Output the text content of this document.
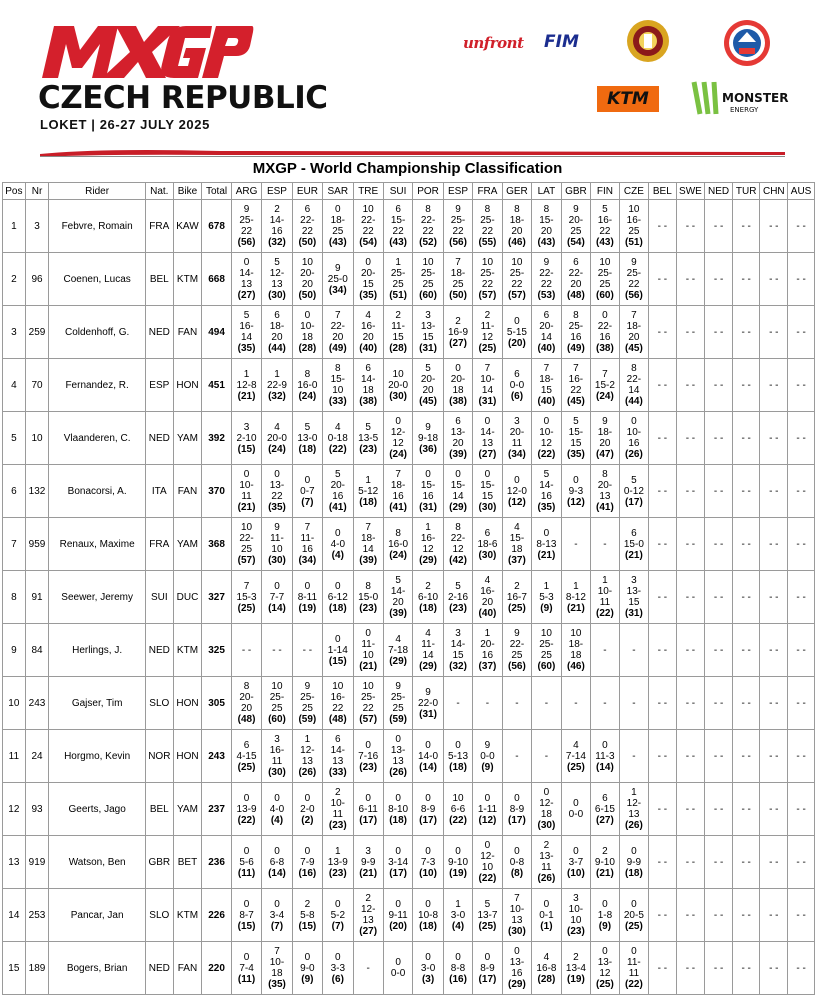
CZECH REPUBLIC
LOKET | 26-27 JULY 2025
unfront FIM
KTM	MONSTER
ENERGY
MXGP - World Championship Classification
Pos	Nr	Rider	Nat.	Bike	Total	ARG	ESP	EUR	SAR	TRE	SUI	POR	ESP	FRA	GER	LAT	GBR	FIN	CZE	BEL	SWE	NED	TUR	CHN	AUS
1	3	Febvre, Romain	FRA	KAW	678	9
25-
22
(56)	2
14-
16
(32)	6
22-
22
(50)	0
18-
25
(43)	10
22-
22
(54)	6
15-
22
(43)	8
22-
22
(52)	9
25-
22
(56)	8
25-
22
(55)	8
18-
20
(46)	8
15-
20
(43)	9
20-
25
(54)	5
16-
22
(43)	10
16-
25
(51)	- -	- -	- -	- -	- -	- -
2	96	Coenen, Lucas	BEL	KTM	668	0
14-
13
(27)	5
12-
13
(30)	10
20-
20
(50)	9
25-0
(34)	0
20-
15
(35)	1
25-
25
(51)	10
25-
25
(60)	7
18-
25
(50)	10
25-
22
(57)	10
25-
22
(57)	9
22-
22
(53)	6
22-
20
(48)	10
25-
25
(60)	9
25-
22
(56)	- -	- -	- -	- -	- -	- -
3	259	Coldenhoff, G.	NED	FAN	494	5
16-
14
(35)	6
18-
20
(44)	0
10-
18
(28)	7
22-
20
(49)	4
16-
20
(40)	2
11-
15
(28)	3
13-
15
(31)	2
16-9
(27)	2
11-
12
(25)	0
5-15
(20)	6
20-
14
(40)	8
25-
16
(49)	0
22-
16
(38)	7
18-
20
(45)	- -	- -	- -	- -	- -	- -
4	70	Fernandez, R.	ESP	HON	451	1
12-8
(21)	1
22-9
(32)	8
16-0
(24)	8
15-
10
(33)	6
14-
18
(38)	10
20-0
(30)	5
20-
20
(45)	0
20-
18
(38)	7
10-
14
(31)	6
0-0
(6)	7
18-
15
(40)	7
16-
22
(45)	7
15-2
(24)	8
22-
14
(44)	- -	- -	- -	- -	- -	- -
5	10	Vlaanderen, C.	NED	YAM	392	3
2-10
(15)	4
20-0
(24)	5
13-0
(18)	4
0-18
(22)	5
13-5
(23)	0
12-
12
(24)	9
9-18
(36)	6
13-
20
(39)	0
14-
13
(27)	3
20-
11
(34)	0
10-
12
(22)	5
15-
15
(35)	9
18-
20
(47)	0
10-
16
(26)	- -	- -	- -	- -	- -	- -
6	132	Bonacorsi, A.	ITA	FAN	370	0
10-
11
(21)	0
13-
22
(35)	0
0-7
(7)	5
20-
16
(41)	1
5-12
(18)	7
18-
16
(41)	0
15-
16
(31)	0
15-
14
(29)	0
15-
15
(30)	0
12-0
(12)	5
14-
16
(35)	0
9-3
(12)	8
20-
13
(41)	5
0-12
(17)	- -	- -	- -	- -	- -	- -
7	959	Renaux, Maxime	FRA	YAM	368	10
22-
25
(57)	9
11-
10
(30)	7
11-
16
(34)	0
4-0
(4)	7
18-
14
(39)	8
16-0
(24)	1
16-
12
(29)	8
22-
12
(42)	6
18-6
(30)	4
15-
18
(37)	0
8-13
(21)	-	-	6
15-0
(21)	- -	- -	- -	- -	- -	- -
8	91	Seewer, Jeremy	SUI	DUC	327	7
15-3
(25)	0
7-7
(14)	0
8-11
(19)	0
6-12
(18)	8
15-0
(23)	5
14-
20
(39)	2
6-10
(18)	5
2-16
(23)	4
16-
20
(40)	2
16-7
(25)	1
5-3
(9)	1
8-12
(21)	1
10-
11
(22)	3
13-
15
(31)	- -	- -	- -	- -	- -	- -
9	84	Herlings, J.	NED	KTM	325	- -	- -	- -	0
1-14
(15)	0
11-
10
(21)	4
7-18
(29)	4
11-
14
(29)	3
14-
15
(32)	1
20-
16
(37)	9
22-
25
(56)	10
25-
25
(60)	10
18-
18
(46)	-	-	- -	- -	- -	- -	- -	- -
10	243	Gajser, Tim	SLO	HON	305	8
20-
20
(48)	10
25-
25
(60)	9
25-
25
(59)	10
16-
22
(48)	10
25-
22
(57)	9
25-
25
(59)	9
22-0
(31)	-	-	-	-	-	-	-	- -	- -	- -	- -	- -	- -
11	24	Horgmo, Kevin	NOR	HON	243	6
4-15
(25)	3
16-
11
(30)	1
12-
13
(26)	6
14-
13
(33)	0
7-16
(23)	0
13-
13
(26)	0
14-0
(14)	0
5-13
(18)	9
0-0
(9)	-	-	4
7-14
(25)	0
11-3
(14)	-	- -	- -	- -	- -	- -	- -
12	93	Geerts, Jago	BEL	YAM	237	0
13-9
(22)	0
4-0
(4)	0
2-0
(2)	2
10-
11
(23)	0
6-11
(17)	0
8-10
(18)	0
8-9
(17)	10
6-6
(22)	0
1-11
(12)	0
8-9
(17)	0
12-
18
(30)	0
0-0	6
6-15
(27)	1
12-
13
(26)	- -	- -	- -	- -	- -	- -
13	919	Watson, Ben	GBR	BET	236	0
5-6
(11)	0
6-8
(14)	0
7-9
(16)	1
13-9
(23)	3
9-9
(21)	0
3-14
(17)	0
7-3
(10)	0
9-10
(19)	0
12-
10
(22)	0
0-8
(8)	2
13-
11
(26)	0
3-7
(10)	2
9-10
(21)	0
9-9
(18)	- -	- -	- -	- -	- -	- -
14	253	Pancar, Jan	SLO	KTM	226	0
8-7
(15)	0
3-4
(7)	2
5-8
(15)	0
5-2
(7)	2
12-
13
(27)	0
9-11
(20)	0
10-8
(18)	1
3-0
(4)	5
13-7
(25)	7
10-
13
(30)	0
0-1
(1)	3
10-
10
(23)	0
1-8
(9)	0
20-5
(25)	- -	- -	- -	- -	- -	- -
15	189	Bogers, Brian	NED	FAN	220	0
7-4
(11)	7
10-
18
(35)	0
9-0
(9)	0
3-3
(6)	-	0
0-0	0
3-0
(3)	0
8-8
(16)	0
8-9
(17)	0
13-
16
(29)	4
16-8
(28)	2
13-4
(19)	0
13-
12
(25)	0
11-
11
(22)	- -	- -	- -	- -	- -	- -
